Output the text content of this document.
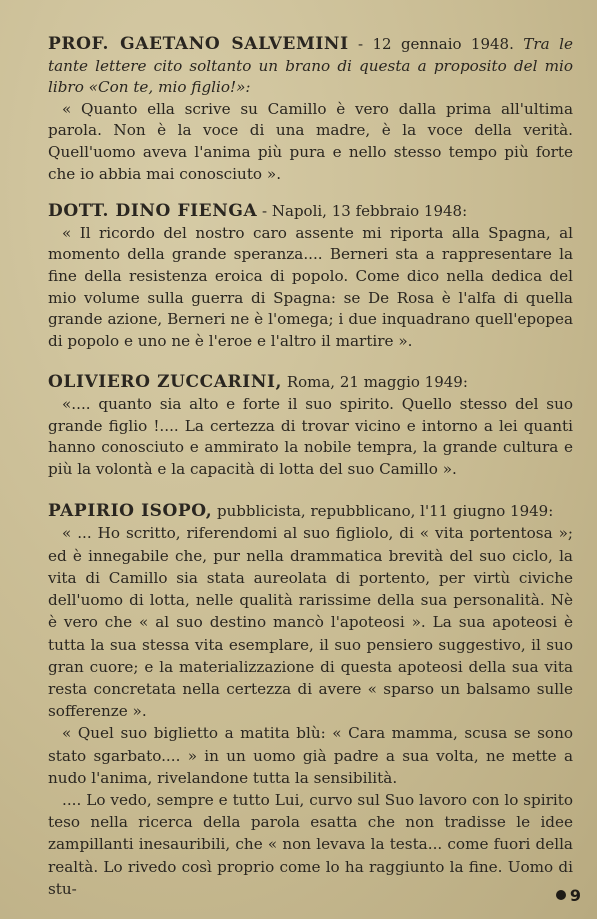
PROF. GAETANO SALVEMINI - 12 gennaio 1948. Tra le tante lettere cito soltanto un brano di questa a proposito del mio libro «Con te, mio figlio!»:

« Quanto ella scrive su Camillo è vero dalla prima all'ultima parola. Non è la voce di una madre, è la voce della verità. Quell'uomo aveva l'anima più pura e nello stesso tempo più forte che io abbia mai conosciuto ».

DOTT. DINO FIENGA - Napoli, 13 febbraio 1948:

« Il ricordo del nostro caro assente mi riporta alla Spagna, al momento della grande speranza.... Berneri sta a rappresentare la fine della resistenza eroica di popolo. Come dico nella dedica del mio volume sulla guerra di Spagna: se De Rosa è l'alfa di quella grande azione, Berneri ne è l'omega; i due inquadrano quell'epopea di popolo e uno ne è l'eroe e l'altro il martire ».

OLIVIERO ZUCCARINI, Roma, 21 maggio 1949:

«.... quanto sia alto e forte il suo spirito. Quello stesso del suo grande figlio !.... La certezza di trovar vicino e intorno a lei quanti hanno conosciuto e ammirato la nobile tempra, la grande cultura e più la volontà e la capacità di lotta del suo Camillo ».

PAPIRIO ISOPO, pubblicista, repubblicano, l'11 giugno 1949:

« ... Ho scritto, riferendomi al suo figliolo, di « vita portentosa »; ed è innegabile che, pur nella drammatica brevità del suo ciclo, la vita di Camillo sia stata aureolata di portento, per virtù civiche dell'uomo di lotta, nelle qualità rarissime della sua personalità. Nè è vero che « al suo destino mancò l'apoteosi ». La sua apoteosi è tutta la sua stessa vita esemplare, il suo pensiero suggestivo, il suo gran cuore; e la materializzazione di questa apoteosi della sua vita resta concretata nella certezza di avere « sparso un balsamo sulle sofferenze ».

« Quel suo biglietto a matita blù: « Cara mamma, scusa se sono stato sgarbato.... » in un uomo già padre a sua volta, ne mette a nudo l'anima, rivelandone tutta la sensibilità.

.... Lo vedo, sempre e tutto Lui, curvo sul Suo lavoro con lo spirito teso nella ricerca della parola esatta che non tradisse le idee zampillanti inesauribili, che « non levava la testa... come fuori della realtà. Lo rivedo così proprio come lo ha raggiunto la fine. Uomo di stu-	9
